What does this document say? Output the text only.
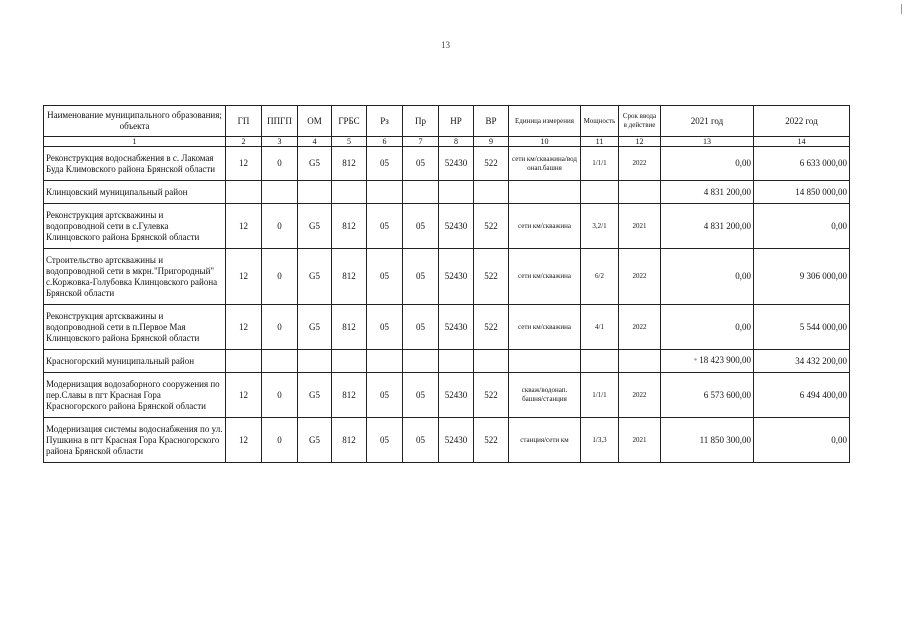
13
Наименование муниципального образования; объекта	ГП	ППГП	ОМ	ГРБС	Рз	Пр	НР	ВР	Единица измерения	Мощность	Срок ввода в действие	2021 год	2022 год
1	2	3	4	5	6	7	8	9	10	11	12	13	14
Реконструкция водоснабжения в с. Лакомая Буда Климовского района Брянской области	12	0	G5	812	05	05	52430	522	сети км/скважина/вод онап.башня	1/1/1	2022	0,00	6 633 000,00
Клинцовский муниципальный район												4 831 200,00	14 850 000,00
Реконструкция артскважины и водопроводной сети в с.Гулевка Клинцовского района Брянской области	12	0	G5	812	05	05	52430	522	сети км/скважина	3,2/1	2021	4 831 200,00	0,00
Строительство артскважины и водопроводной сети в мкрн."Пригородный" с.Коржовка-Голубовка Клинцовского района Брянской области	12	0	G5	812	05	05	52430	522	сети км/скважина	6/2	2022	0,00	9 306 000,00
Реконструкция артскважины и водопроводной сети в п.Первое Мая Клинцовского района Брянской области	12	0	G5	812	05	05	52430	522	сети км/скважина	4/1	2022	0,00	5 544 000,00
Красногорский муниципальный район												* 18 423 900,00	34 432 200,00
Модернизация водозаборного сооружения по пер.Славы в пгт Красная Гора Красногорского района Брянской области	12	0	G5	812	05	05	52430	522	скваж/водонап. башня/станция	1/1/1	2022	6 573 600,00	6 494 400,00
Модернизация системы водоснабжения по ул. Пушкина в пгт Красная Гора Красногорского района Брянской области	12	0	G5	812	05	05	52430	522	станция/сети км	1/3,3	2021	11 850 300,00	0,00
